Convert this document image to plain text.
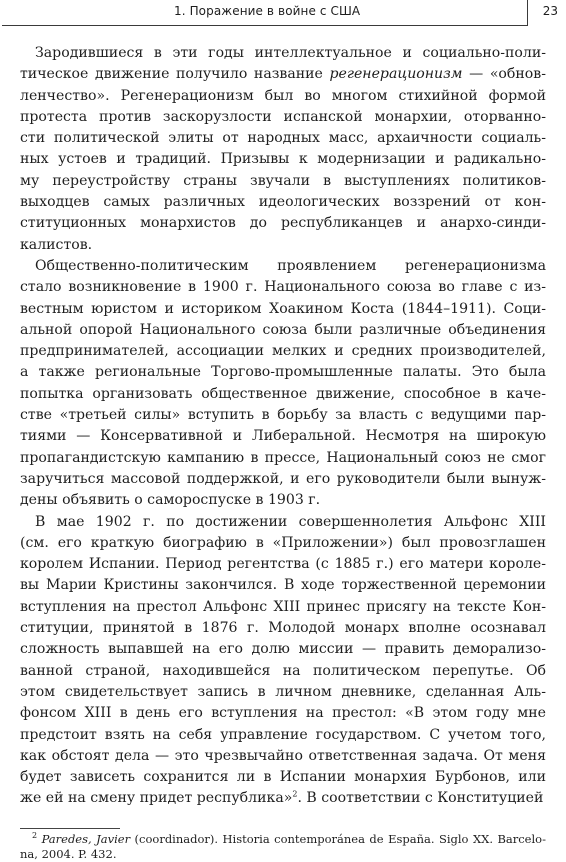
1. Поражение в войне с США	23

Зародившиеся в эти годы интеллектуальное и социально-поли-
тическое движение получило название регенерационизм — «обнов-
ленчество». Регенерационизм был во многом стихийной формой
протеста против заскорузлости испанской монархии, оторванно-
сти политической элиты от народных масс, архаичности социаль-
ных устоев и традиций. Призывы к модернизации и радикально-
му переустройству страны звучали в выступлениях политиков-
выходцев самых различных идеологических воззрений от кон-
ституционных монархистов до республиканцев и анархо-синди-
калистов.

Общественно-политическим проявлением регенерационизма
стало возникновение в 1900 г. Национального союза во главе с из-
вестным юристом и историком Хоакином Коста (1844–1911). Соци-
альной опорой Национального союза были различные объединения
предпринимателей, ассоциации мелких и средних производителей,
а также региональные Торгово-промышленные палаты. Это была
попытка организовать общественное движение, способное в каче-
стве «третьей силы» вступить в борьбу за власть с ведущими пар-
тиями — Консервативной и Либеральной. Несмотря на широкую
пропагандистскую кампанию в прессе, Национальный союз не смог
заручиться массовой поддержкой, и его руководители были вынуж-
дены объявить о самороспуске в 1903 г.

В мае 1902 г. по достижении совершеннолетия Альфонс XIII
(см. его краткую биографию в «Приложении») был провозглашен
королем Испании. Период регентства (с 1885 г.) его матери короле-
вы Марии Кристины закончился. В ходе торжественной церемонии
вступления на престол Альфонс XIII принес присягу на тексте Кон-
ституции, принятой в 1876 г. Молодой монарх вполне осознавал
сложность выпавшей на его долю миссии — править деморализо-
ванной страной, находившейся на политическом перепутье. Об
этом свидетельствует запись в личном дневнике, сделанная Аль-
фонсом XIII в день его вступления на престол: «В этом году мне
предстоит взять на себя управление государством. С учетом того,
как обстоят дела — это чрезвычайно ответственная задача. От меня
будет зависеть сохранится ли в Испании монархия Бурбонов, или
же ей на смену придет республика»$^2$. В соответствии с Конституцией

$^2$ Paredes, Javier (coordinador). Historia contemporánea de España. Siglo XX. Barcelo-
na, 2004. P. 432.
